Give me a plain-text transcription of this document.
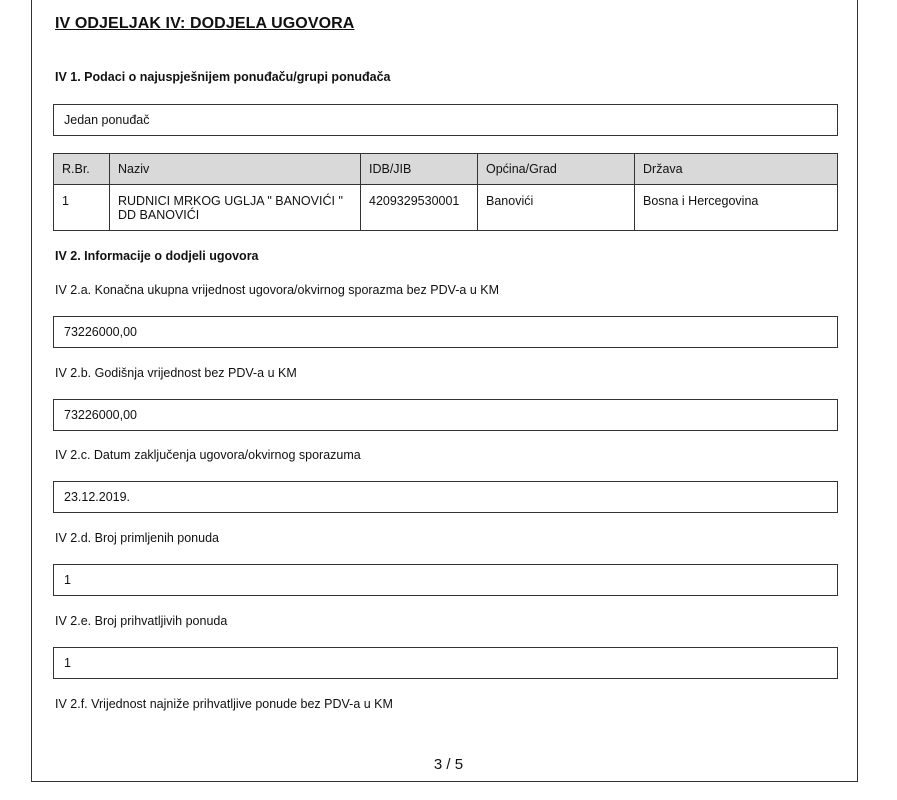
IV ODJELJAK IV: DODJELA UGOVORA
IV 1. Podaci o najuspješnijem ponuđaču/grupi ponuđača
Jedan ponuđač
R.Br.	Naziv	IDB/JIB	Općina/Grad	Država
1	RUDNICI MRKOG UGLJA " BANOVIĆI " DD BANOVIĆI	4209329530001	Banovići	Bosna i Hercegovina
IV 2. Informacije o dodjeli ugovora
IV 2.a. Konačna ukupna vrijednost ugovora/okvirnog sporazma bez PDV-a u KM
73226000,00
IV 2.b. Godišnja vrijednost bez PDV-a u KM
73226000,00
IV 2.c. Datum zaključenja ugovora/okvirnog sporazuma
23.12.2019.
IV 2.d. Broj primljenih ponuda
1
IV 2.e. Broj prihvatljivih ponuda
1
IV 2.f. Vrijednost najniže prihvatljive ponude bez PDV-a u KM
3 / 5
